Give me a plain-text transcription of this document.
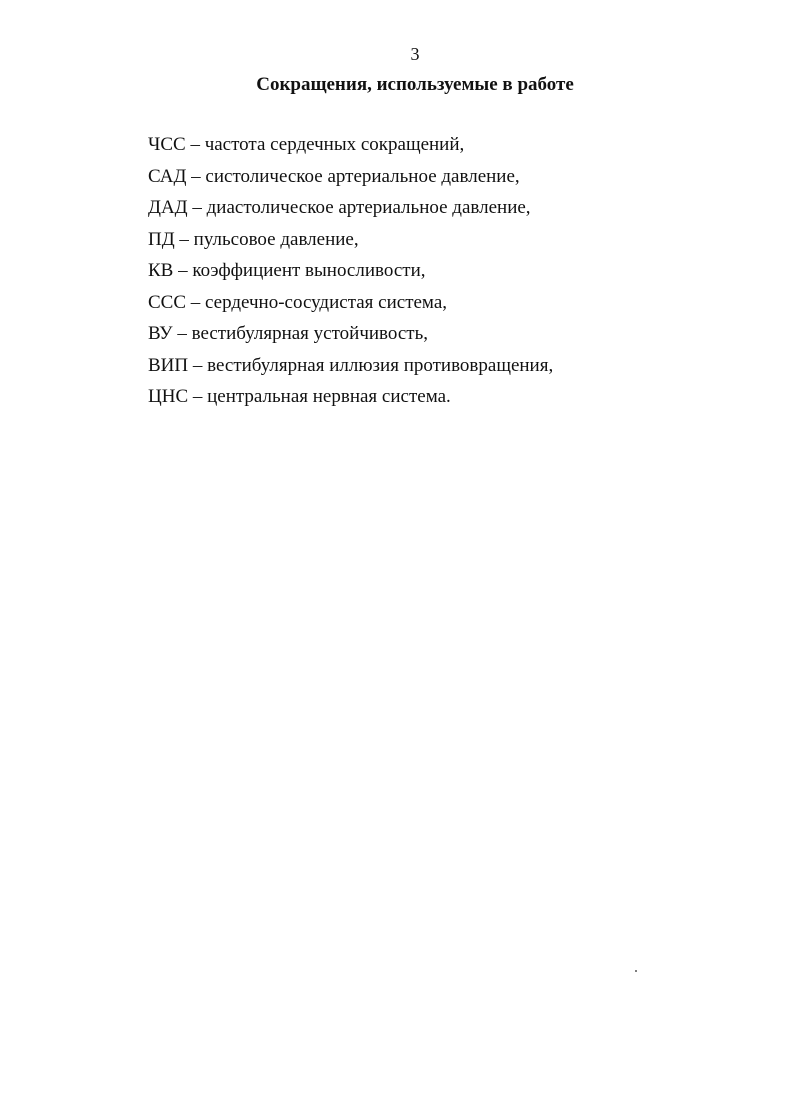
3
Сокращения, используемые в работе
ЧСС – частота сердечных сокращений,
САД – систолическое артериальное давление,
ДАД – диастолическое артериальное давление,
ПД – пульсовое давление,
КВ – коэффициент выносливости,
ССС – сердечно-сосудистая система,
ВУ – вестибулярная устойчивость,
ВИП – вестибулярная иллюзия противовращения,
ЦНС – центральная нервная система.
